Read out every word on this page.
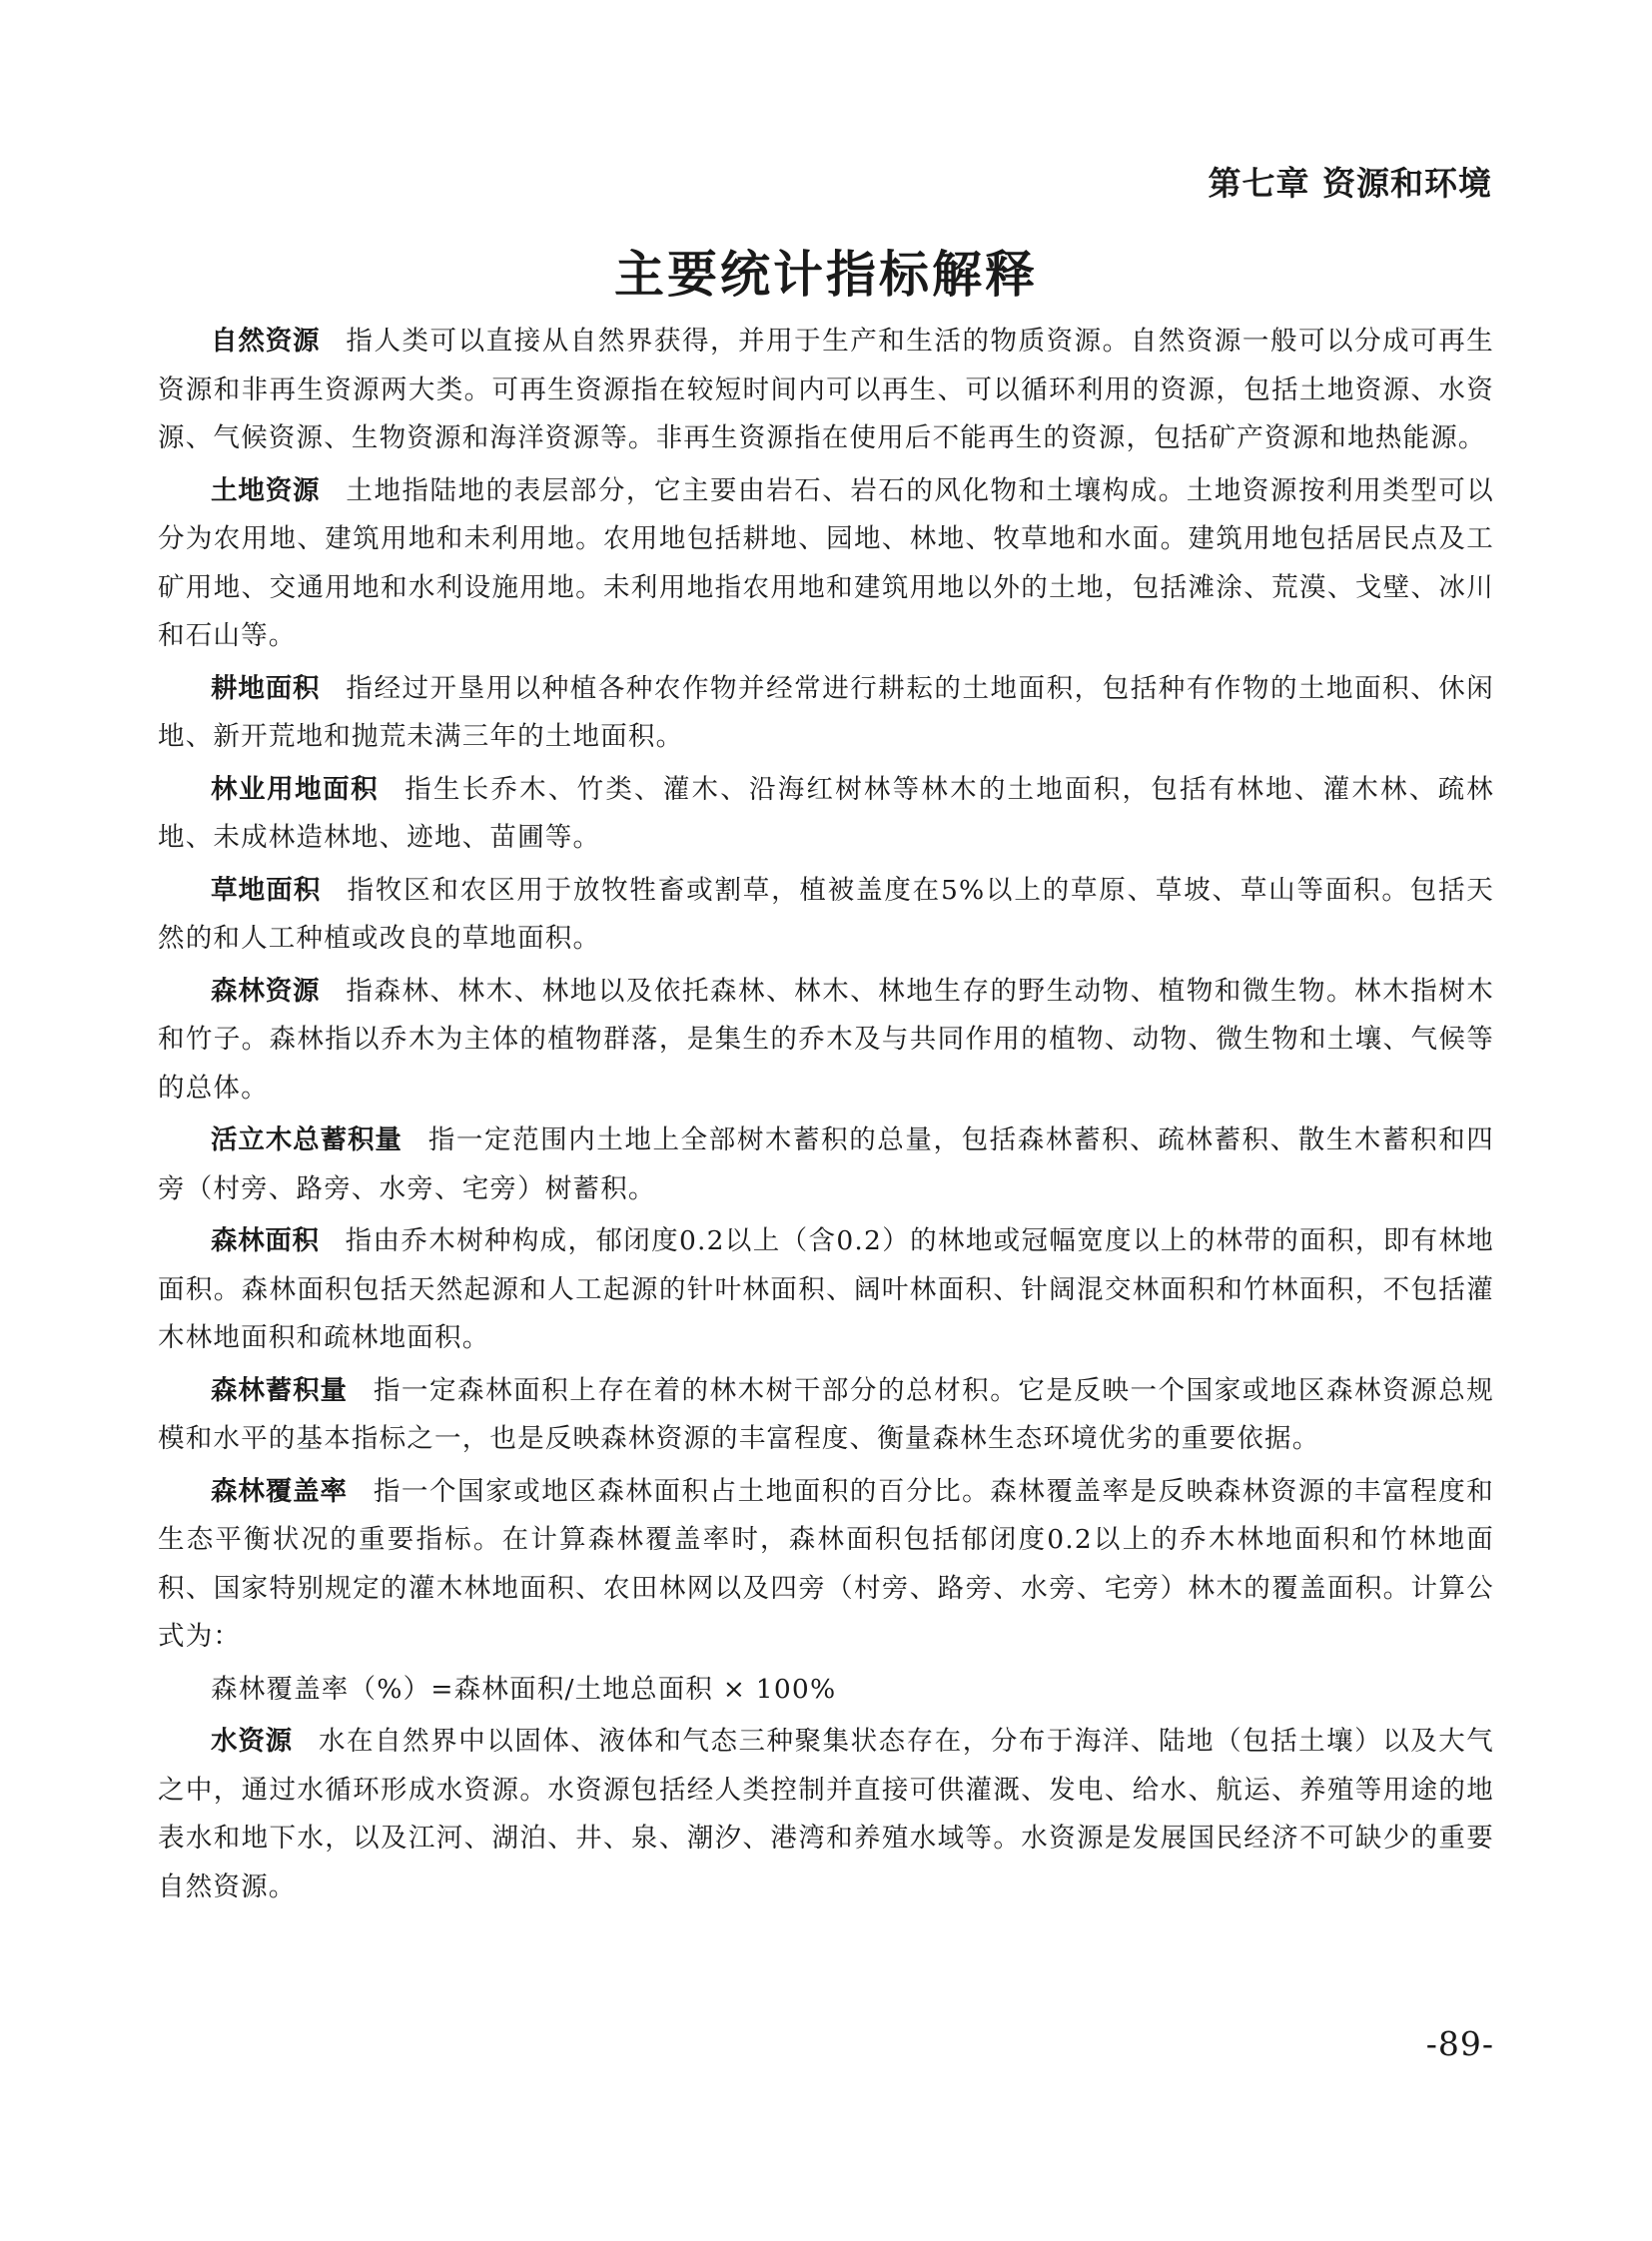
第七章 资源和环境
主要统计指标解释

自然资源 指人类可以直接从自然界获得，并用于生产和生活的物质资源。自然资源一般可以分成可再生资源和非再生资源两大类。可再生资源指在较短时间内可以再生、可以循环利用的资源，包括土地资源、水资源、气候资源、生物资源和海洋资源等。非再生资源指在使用后不能再生的资源，包括矿产资源和地热能源。

土地资源 土地指陆地的表层部分，它主要由岩石、岩石的风化物和土壤构成。土地资源按利用类型可以分为农用地、建筑用地和未利用地。农用地包括耕地、园地、林地、牧草地和水面。建筑用地包括居民点及工矿用地、交通用地和水利设施用地。未利用地指农用地和建筑用地以外的土地，包括滩涂、荒漠、戈壁、冰川和石山等。

耕地面积 指经过开垦用以种植各种农作物并经常进行耕耘的土地面积，包括种有作物的土地面积、休闲地、新开荒地和抛荒未满三年的土地面积。

林业用地面积 指生长乔木、竹类、灌木、沿海红树林等林木的土地面积，包括有林地、灌木林、疏林地、未成林造林地、迹地、苗圃等。

草地面积 指牧区和农区用于放牧牲畜或割草，植被盖度在5%以上的草原、草坡、草山等面积。包括天然的和人工种植或改良的草地面积。

森林资源 指森林、林木、林地以及依托森林、林木、林地生存的野生动物、植物和微生物。林木指树木和竹子。森林指以乔木为主体的植物群落，是集生的乔木及与共同作用的植物、动物、微生物和土壤、气候等的总体。

活立木总蓄积量 指一定范围内土地上全部树木蓄积的总量，包括森林蓄积、疏林蓄积、散生木蓄积和四旁（村旁、路旁、水旁、宅旁）树蓄积。

森林面积 指由乔木树种构成，郁闭度0.2以上（含0.2）的林地或冠幅宽度以上的林带的面积，即有林地面积。森林面积包括天然起源和人工起源的针叶林面积、阔叶林面积、针阔混交林面积和竹林面积，不包括灌木林地面积和疏林地面积。

森林蓄积量 指一定森林面积上存在着的林木树干部分的总材积。它是反映一个国家或地区森林资源总规模和水平的基本指标之一，也是反映森林资源的丰富程度、衡量森林生态环境优劣的重要依据。

森林覆盖率 指一个国家或地区森林面积占土地面积的百分比。森林覆盖率是反映森林资源的丰富程度和生态平衡状况的重要指标。在计算森林覆盖率时，森林面积包括郁闭度0.2以上的乔木林地面积和竹林地面积、国家特别规定的灌木林地面积、农田林网以及四旁（村旁、路旁、水旁、宅旁）林木的覆盖面积。计算公式为：

森林覆盖率（%）=森林面积/土地总面积 × 100%

水资源 水在自然界中以固体、液体和气态三种聚集状态存在，分布于海洋、陆地（包括土壤）以及大气之中，通过水循环形成水资源。水资源包括经人类控制并直接可供灌溉、发电、给水、航运、养殖等用途的地表水和地下水，以及江河、湖泊、井、泉、潮汐、港湾和养殖水域等。水资源是发展国民经济不可缺少的重要自然资源。

-89-
